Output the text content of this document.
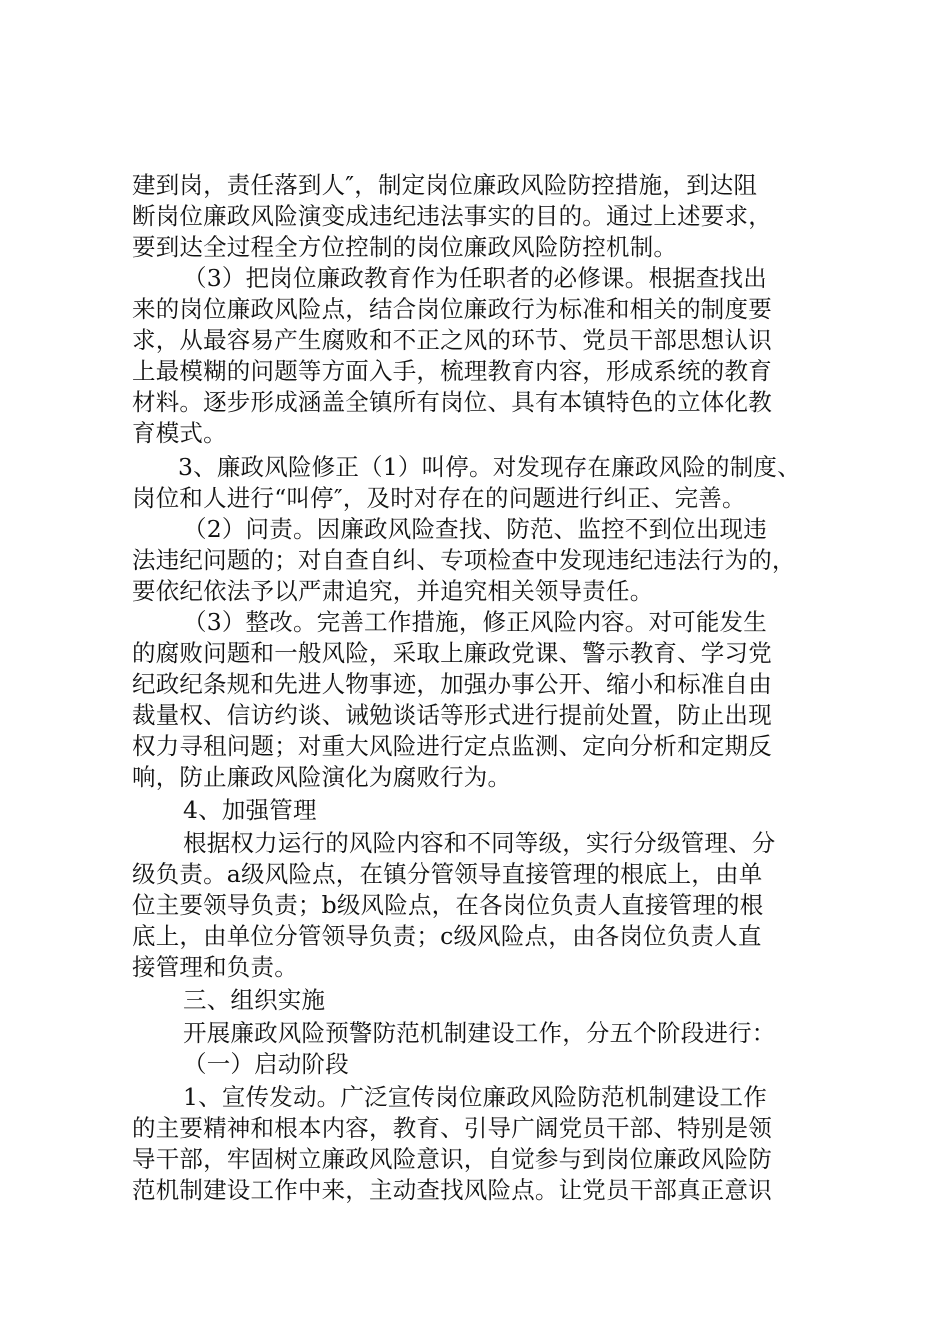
建到岗，责任落到人″，制定岗位廉政风险防控措施，到达阻
断岗位廉政风险演变成违纪违法事实的目的。通过上述要求，
要到达全过程全方位控制的岗位廉政风险防控机制。
（3）把岗位廉政教育作为任职者的必修课。根据查找出
来的岗位廉政风险点，结合岗位廉政行为标准和相关的制度要
求，从最容易产生腐败和不正之风的环节、党员干部思想认识
上最模糊的问题等方面入手，梳理教育内容，形成系统的教育
材料。逐步形成涵盖全镇所有岗位、具有本镇特色的立体化教
育模式。
3、廉政风险修正（1）叫停。对发现存在廉政风险的制度、
岗位和人进行“叫停″，及时对存在的问题进行纠正、完善。
（2）问责。因廉政风险查找、防范、监控不到位出现违
法违纪问题的；对自查自纠、专项检查中发现违纪违法行为的，
要依纪依法予以严肃追究，并追究相关领导责任。
（3）整改。完善工作措施，修正风险内容。对可能发生
的腐败问题和一般风险，采取上廉政党课、警示教育、学习党
纪政纪条规和先进人物事迹，加强办事公开、缩小和标准自由
裁量权、信访约谈、诫勉谈话等形式进行提前处置，防止出现
权力寻租问题；对重大风险进行定点监测、定向分析和定期反
响，防止廉政风险演化为腐败行为。
4、加强管理
根据权力运行的风险内容和不同等级，实行分级管理、分
级负责。a级风险点，在镇分管领导直接管理的根底上，由单
位主要领导负责；b级风险点，在各岗位负责人直接管理的根
底上，由单位分管领导负责；c级风险点，由各岗位负责人直
接管理和负责。
三、组织实施
开展廉政风险预警防范机制建设工作，分五个阶段进行：
（一）启动阶段
1、宣传发动。广泛宣传岗位廉政风险防范机制建设工作
的主要精神和根本内容，教育、引导广阔党员干部、特别是领
导干部，牢固树立廉政风险意识，自觉参与到岗位廉政风险防
范机制建设工作中来，主动查找风险点。让党员干部真正意识
